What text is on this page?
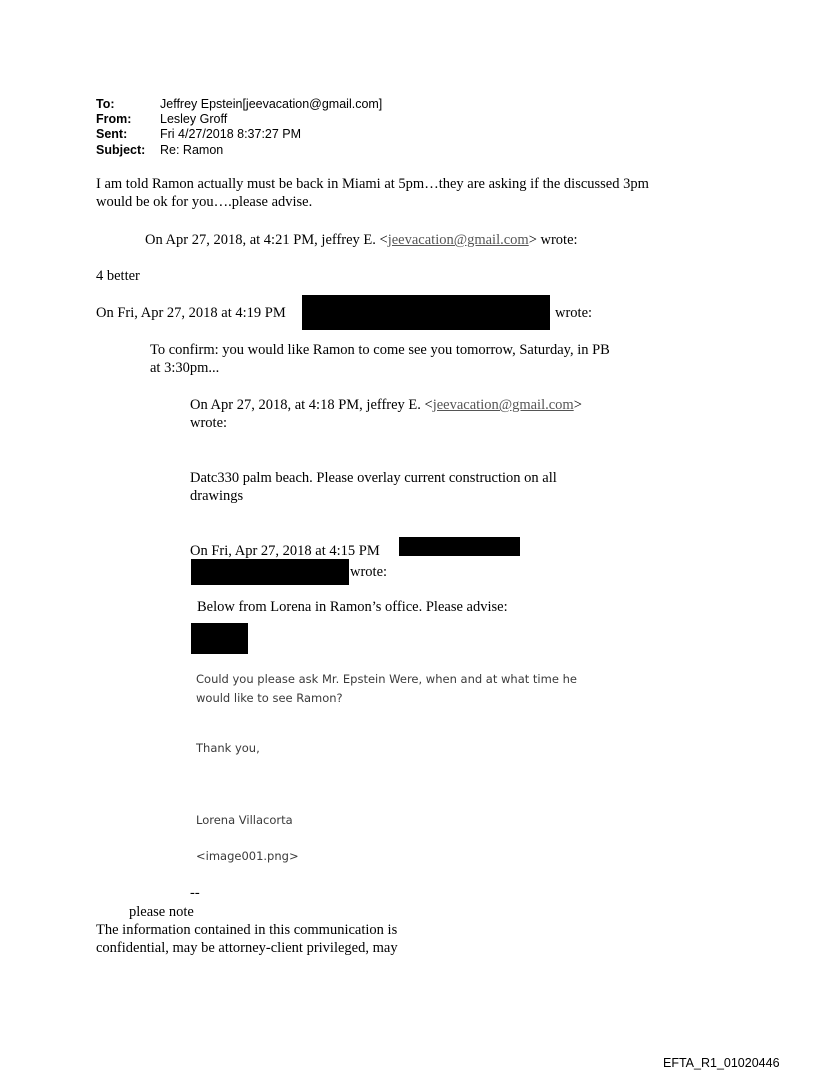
To:	Jeffrey Epstein[jeevacation@gmail.com]
From: Lesley Groff
Sent:	Fri 4/27/2018 8:37:27 PM
Subject: Re: Ramon
I am told Ramon actually must be back in Miami at 5pm…they are asking if the discussed 3pm
would be ok for you….please advise.
On Apr 27, 2018, at 4:21 PM, jeffrey E. <jeevacation@gmail.com> wrote:
4 better
On Fri, Apr 27, 2018 at 4:19 PM	wrote:
To confirm: you would like Ramon to come see you tomorrow, Saturday, in PB
at 3:30pm...
On Apr 27, 2018, at 4:18 PM, jeffrey E. <jeevacation@gmail.com>
wrote:
Datc330 palm beach. Please overlay current construction on all
drawings
On Fri, Apr 27, 2018 at 4:15 PM
wrote:
Below from Lorena in Ramon’s office. Please advise:
Could you please ask Mr. Epstein Were, when and at what time he
would like to see Ramon?
Thank you,
Lorena Villacorta
<image001.png>
--
please note
The information contained in this communication is
confidential, may be attorney-client privileged, may
EFTA_R1_01020446
